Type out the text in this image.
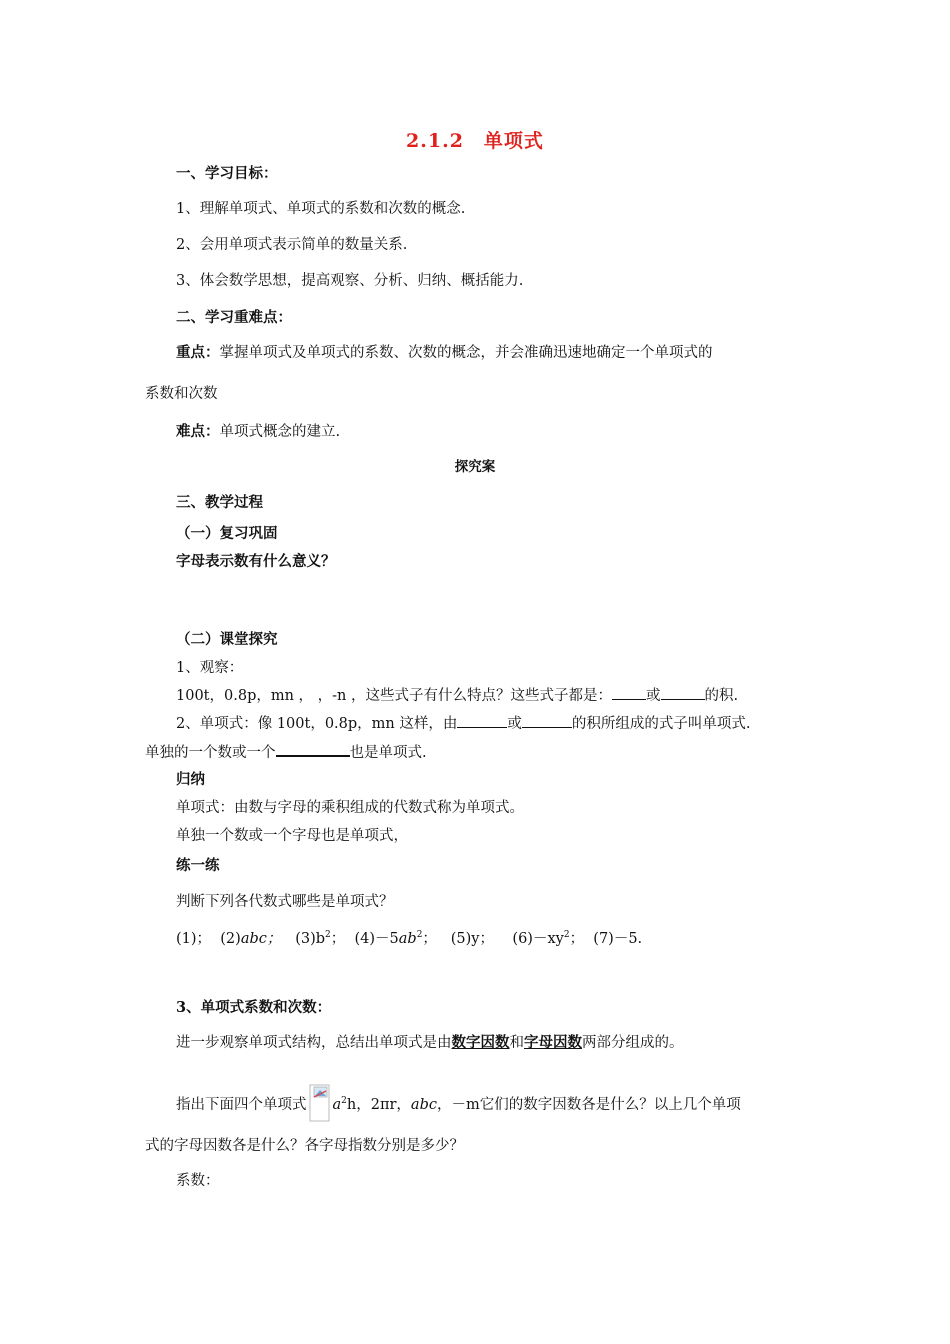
2.1.2　单项式
一、学习目标：
1、理解单项式、单项式的系数和次数的概念.
2、会用单项式表示简单的数量关系.
3、体会数学思想，提高观察、分析、归纳、概括能力.
二、学习重难点：
重点：掌握单项式及单项式的系数、次数的概念，并会准确迅速地确定一个单项式的
系数和次数
难点：单项式概念的建立.
探究案
三、教学过程
（一）复习巩固
字母表示数有什么意义？
（二）课堂探究
1、观察：
100t，0.8p，mn ， ，-n ，这些式子有什么特点？这些式子都是： 或	的积.
2、单项式：像 100t，0.8p，mn 这样，由	或	的积所组成的式子叫单项式.
单独的一个数或一个	也是单项式.
归纳
单项式：由数与字母的乘积组成的代数式称为单项式。
单独一个数或一个字母也是单项式，
练一练
判断下列各代数式哪些是单项式？
(1)； (2)abc； $(3)b^2$； $(4)-5ab^2$； (5)y； $(6)-xy^2$； (7)－5.
3、单项式系数和次数：
进一步观察单项式结构，总结出单项式是由数字因数和字母因数两部分组成的。
指出下面四个单项式 $a^2h$，2πr，abc，－m它们的数字因数各是什么？以上几个单项
式的字母因数各是什么？各字母指数分别是多少？
系数：
